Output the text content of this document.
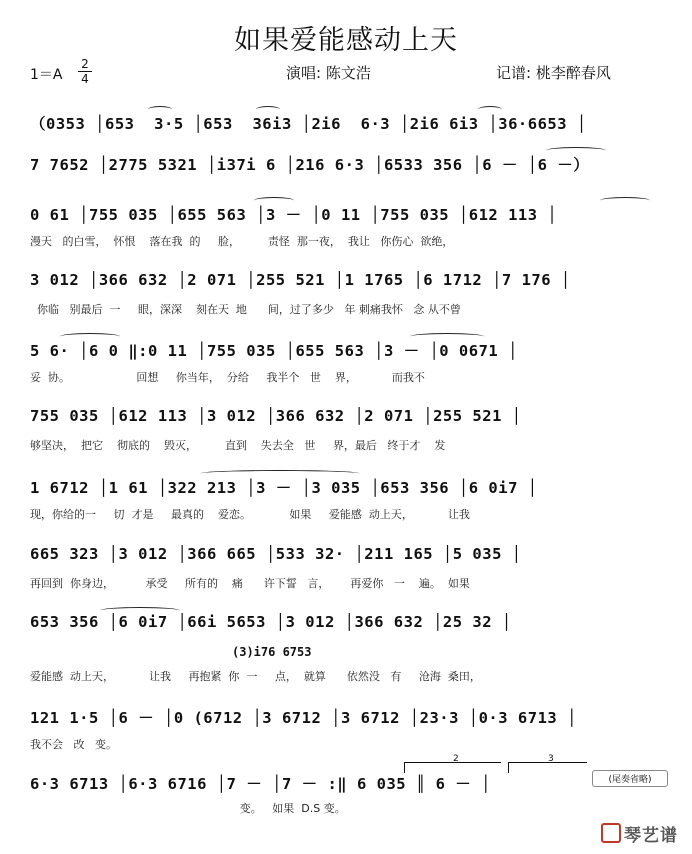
如果爱能感动上天
1＝A
2
4	演唱: 陈文浩	记谱: 桃李醉春风
（0353 │653  3·5 │653  36i3 │2i6  6·3 │2i6 6i3 │36·6653 │
7 7652 │2775 5321 │i37i 6 │216 6·3 │6533 356 │6 － │6 －）
0 61 │755 035 │655 563 │3 － │0 11 │755 035 │612 113 │
漫天   的白雪，  怀恨    落在我  的     脸，        责怪  那一夜，  我让   你伤心  欲绝，
3 012 │366 632 │2 071 │255 521 │1 1765 │6 1712 │7 176 │
你临   别最后  一     眼，深深    刻在天  地      间，过了多少   年 刺痛我怀   念 从不曾
5 6· │6 0 ‖:0 11 │755 035 │655 563 │3 － │0 0671 │
妥  协。                   回想     你当年，  分给     我半个   世    界，          而我不
755 035 │612 113 │3 012 │366 632 │2 071 │255 521 │
够坚决，  把它    彻底的    毁灭，        直到    失去全   世     界，最后   终于才    发
1 6712 │1 61 │322 213 │3 － │3 035 │653 356 │6 0i7 │
现，你给的一     切  才是     最真的    爱恋。           如果     爱能感  动上天，          让我
665 323 │3 012 │366 665 │533 32· │211 165 │5 035 │
再回到  你身边，         承受     所有的    痛      许下誓   言，      再爱你   一    遍。  如果
653 356 │6 0i7 │66i 5653 │3 012 │366 632 │25 32 │
(3)i76 6753
爱能感  动上天，          让我     再抱紧  你  一     点，  就算      依然没   有     沧海  桑田，
121 1·5 │6 － │0 (6712 │3 6712 │3 6712 │23·3 │0·3 6713 │
我不会   改   变。
2	3
6·3 6713 │6·3 6716 │7 － │7 － :‖ 6 035 ║ 6 － │	(尾奏省略)
变。   如果  D.S 变。
琴艺谱
